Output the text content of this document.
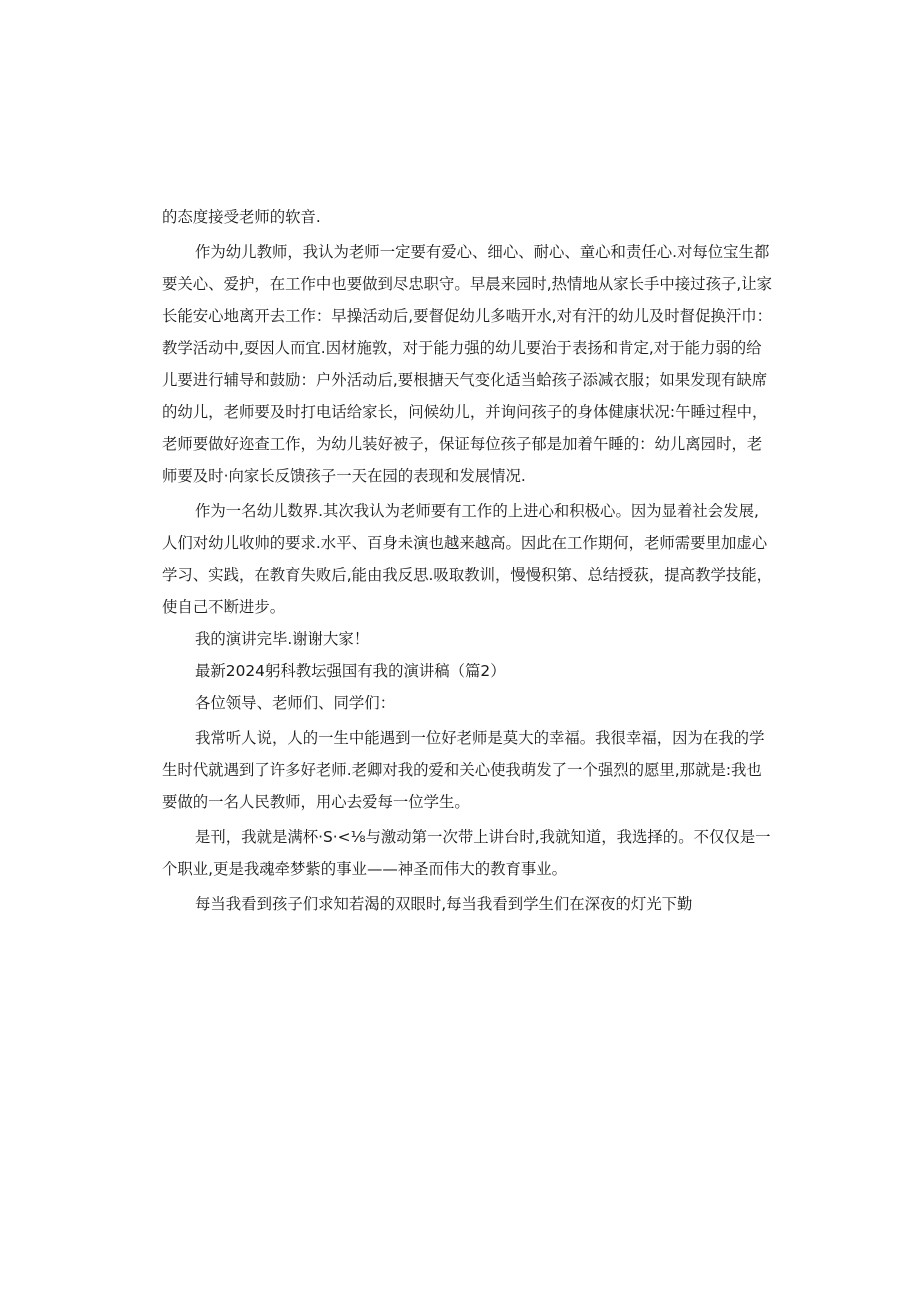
的态度接受老师的软音.
作为幼儿教师，我认为老师一定要有爱心、细心、耐心、童心和责任心.对每位宝生都
要关心、爱护，在工作中也要做到尽忠职守。早晨来园时,热情地从家长手中接过孩子,让家
长能安心地离开去工作：早操活动后,要督促幼儿多啮开水,对有汗的幼儿及时督促换汗巾：
教学活动中,耍因人而宜.因材施敦，对于能力强的幼儿要治于表扬和肯定,对于能力弱的给
儿要进行辅导和鼓励：户外活动后,要根搪天气变化适当蛤孩子添减衣服；如果发现有缺席
的幼儿，老师要及时打电话给家长，问候幼儿，并询问孩子的身体健康状况:午睡过程中，
老师要做好迩查工作，为幼儿装好被子，保证每位孩子郁是加着午睡的：幼儿离园时，老
师要及时·向家长反馈孩子一天在园的表现和发展情况.
作为一名幼儿数界.其次我认为老师要有工作的上进心和积极心。因为显着社会发展,
人们对幼儿收帅的要求.水平、百身未演也越来越高。因此在工作期何，老师需要里加虚心
学习、实践，在教育失败后,能由我反思.吸取教训，慢慢积第、总结授荻，提高教学技能，
使自己不断进步。
我的演讲完毕.谢谢大家！
最新2024躬科教坛强国有我的演讲稿（篇2）
各位领导、老师们、同学们：
我常听人说，人的一生中能遇到一位好老师是莫大的幸福。我很幸福，因为在我的学
生时代就遇到了许多好老师.老卿对我的爱和关心使我萌发了一个强烈的愿里,那就是:我也
要做的一名人民教师，用心去爱每一位学生。
是刊，我就是满杯·S·<⅛与激动第一次带上讲台时,我就知道，我选择的。不仅仅是一
个职业,更是我魂牵梦紫的事业——神圣而伟大的教育事业。
每当我看到孩子们求知若渴的双眼时,每当我看到学生们在深夜的灯光下勤
